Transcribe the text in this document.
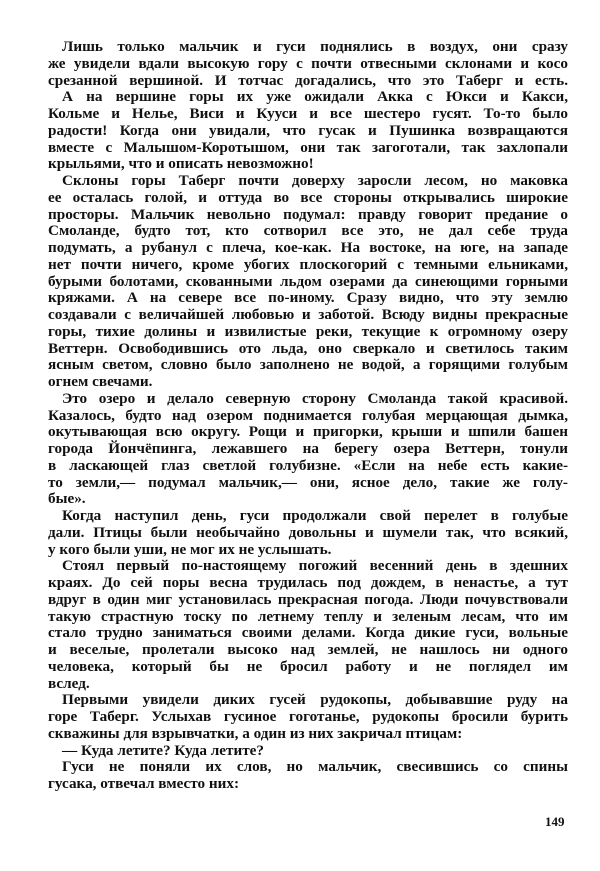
Лишь только мальчик и гуси поднялись в воздух, они сразу
же увидели вдали высокую гору с почти отвесными склонами и косо
срезанной вершиной. И тотчас догадались, что это Таберг и есть.
А на вершине горы их уже ожидали Акка с Юкси и Какси,
Кольме и Нелье, Виси и Кууси и все шестеро гусят. То-то было
радости! Когда они увидали, что гусак и Пушинка возвращаются
вместе с Малышом-Коротышом, они так загоготали, так захлопали
крыльями, что и описать невозможно!
Склоны горы Таберг почти доверху заросли лесом, но маковка
ее осталась голой, и оттуда во все стороны открывались широкие
просторы. Мальчик невольно подумал: правду говорит предание о
Смоланде, будто тот, кто сотворил все это, не дал себе труда
подумать, а рубанул с плеча, кое-как. На востоке, на юге, на западе
нет почти ничего, кроме убогих плоскогорий с темными ельниками,
бурыми болотами, скованными льдом озерами да синеющими горными
кряжами. А на севере все по-иному. Сразу видно, что эту землю
создавали с величайшей любовью и заботой. Всюду видны прекрасные
горы, тихие долины и извилистые реки, текущие к огромному озеру
Веттерн. Освободившись ото льда, оно сверкало и светилось таким
ясным светом, словно было заполнено не водой, а горящими голубым
огнем свечами.
Это озеро и делало северную сторону Смоланда такой красивой.
Казалось, будто над озером поднимается голубая мерцающая дымка,
окутывающая всю округу. Рощи и пригорки, крыши и шпили башен
города Йончёпинга, лежавшего на берегу озера Веттерн, тонули
в ласкающей глаз светлой голубизне. «Если на небе есть какие-
то земли,— подумал мальчик,— они, ясное дело, такие же голу-
бые».
Когда наступил день, гуси продолжали свой перелет в голубые
дали. Птицы были необычайно довольны и шумели так, что всякий,
у кого были уши, не мог их не услышать.
Стоял первый по-настоящему погожий весенний день в здешних
краях. До сей поры весна трудилась под дождем, в ненастье, а тут
вдруг в один миг установилась прекрасная погода. Люди почувствовали
такую страстную тоску по летнему теплу и зеленым лесам, что им
стало трудно заниматься своими делами. Когда дикие гуси, вольные
и веселые, пролетали высоко над землей, не нашлось ни одного
человека, который бы не бросил работу и не поглядел им
вслед.
Первыми увидели диких гусей рудокопы, добывавшие руду на
горе Таберг. Услыхав гусиное гоготанье, рудокопы бросили бурить
скважины для взрывчатки, а один из них закричал птицам:
— Куда летите? Куда летите?
Гуси не поняли их слов, но мальчик, свесившись со спины
гусака, отвечал вместо них:
149
